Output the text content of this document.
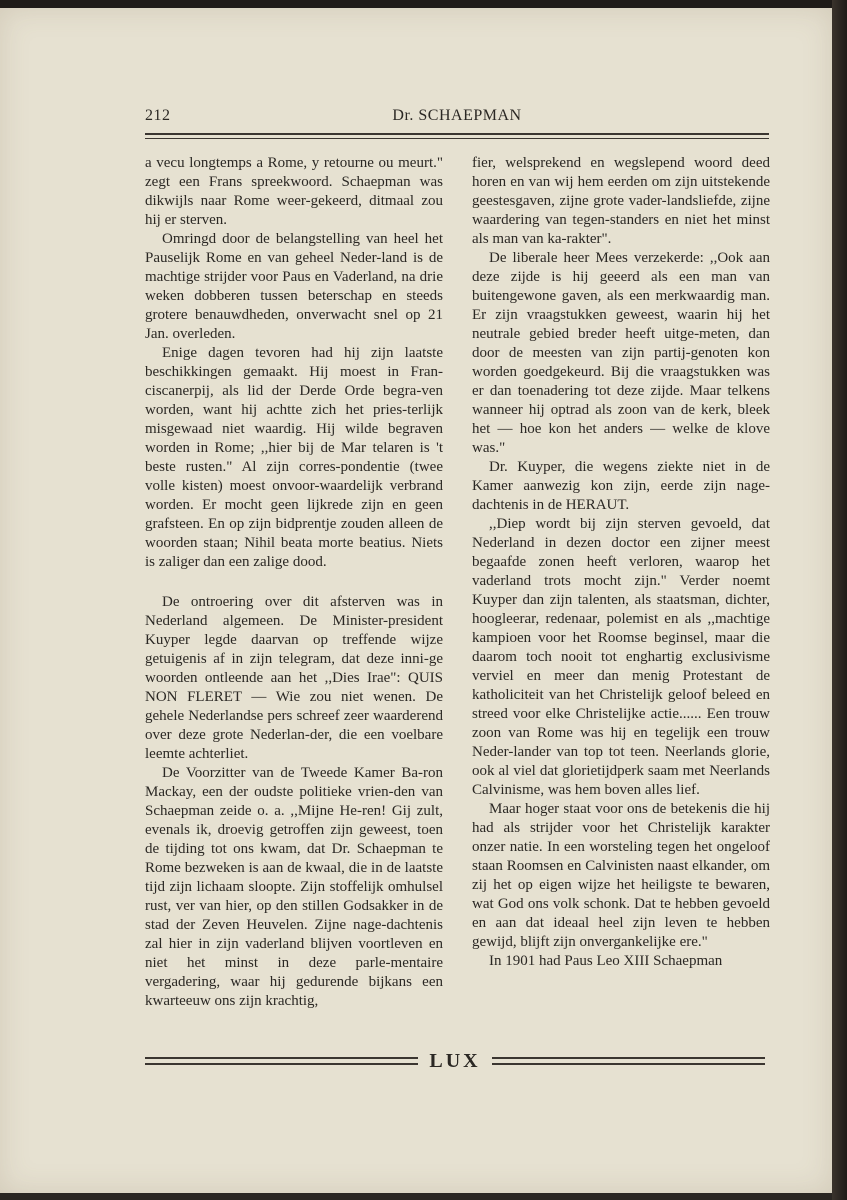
212	Dr. SCHAEPMAN

a vecu longtemps a Rome, y retourne ou meurt." zegt een Frans spreekwoord. Schaepman was dikwijls naar Rome weer-gekeerd, ditmaal zou hij er sterven.

Omringd door de belangstelling van heel het Pauselijk Rome en van geheel Neder-land is de machtige strijder voor Paus en Vaderland, na drie weken dobberen tussen beterschap en steeds grotere benauwdheden, onverwacht snel op 21 Jan. overleden.

Enige dagen tevoren had hij zijn laatste beschikkingen gemaakt. Hij moest in Fran-ciscanerpij, als lid der Derde Orde begra-ven worden, want hij achtte zich het pries-terlijk misgewaad niet waardig. Hij wilde begraven worden in Rome; ,,hier bij de Mar telaren is 't beste rusten." Al zijn corres-pondentie (twee volle kisten) moest onvoor-waardelijk verbrand worden. Er mocht geen lijkrede zijn en geen grafsteen. En op zijn bidprentje zouden alleen de woorden staan; Nihil beata morte beatius. Niets is zaliger dan een zalige dood.

De ontroering over dit afsterven was in Nederland algemeen. De Minister-president Kuyper legde daarvan op treffende wijze getuigenis af in zijn telegram, dat deze inni-ge woorden ontleende aan het ,,Dies Irae": QUIS NON FLERET — Wie zou niet wenen. De gehele Nederlandse pers schreef zeer waarderend over deze grote Nederlan-der, die een voelbare leemte achterliet.

De Voorzitter van de Tweede Kamer Ba-ron Mackay, een der oudste politieke vrien-den van Schaepman zeide o. a. ,,Mijne He-ren! Gij zult, evenals ik, droevig getroffen zijn geweest, toen de tijding tot ons kwam, dat Dr. Schaepman te Rome bezweken is aan de kwaal, die in de laatste tijd zijn lichaam sloopte. Zijn stoffelijk omhulsel rust, ver van hier, op den stillen Godsakker in de stad der Zeven Heuvelen. Zijne nage-dachtenis zal hier in zijn vaderland blijven voortleven en niet het minst in deze parle-mentaire vergadering, waar hij gedurende bijkans een kwarteeuw ons zijn krachtig,

fier, welsprekend en wegslepend woord deed horen en van wij hem eerden om zijn uitstekende geestesgaven, zijne grote vader-landsliefde, zijne waardering van tegen-standers en niet het minst als man van ka-rakter".

De liberale heer Mees verzekerde: ,,Ook aan deze zijde is hij geeerd als een man van buitengewone gaven, als een merkwaardig man. Er zijn vraagstukken geweest, waarin hij het neutrale gebied breder heeft uitge-meten, dan door de meesten van zijn partij-genoten kon worden goedgekeurd. Bij die vraagstukken was er dan toenadering tot deze zijde. Maar telkens wanneer hij optrad als zoon van de kerk, bleek het — hoe kon het anders — welke de klove was."

Dr. Kuyper, die wegens ziekte niet in de Kamer aanwezig kon zijn, eerde zijn nage-dachtenis in de HERAUT.

,,Diep wordt bij zijn sterven gevoeld, dat Nederland in dezen doctor een zijner meest begaafde zonen heeft verloren, waarop het vaderland trots mocht zijn." Verder noemt Kuyper dan zijn talenten, als staatsman, dichter, hoogleerar, redenaar, polemist en als ,,machtige kampioen voor het Roomse beginsel, maar die daarom toch nooit tot enghartig exclusivisme verviel en meer dan menig Protestant de katholiciteit van het Christelijk geloof beleed en streed voor elke Christelijke actie...... Een trouw zoon van Rome was hij en tegelijk een trouw Neder-lander van top tot teen. Neerlands glorie, ook al viel dat glorietijdperk saam met Neerlands Calvinisme, was hem boven alles lief.

Maar hoger staat voor ons de betekenis die hij had als strijder voor het Christelijk karakter onzer natie. In een worsteling tegen het ongeloof staan Roomsen en Calvinisten naast elkander, om zij het op eigen wijze het heiligste te bewaren, wat God ons volk schonk. Dat te hebben gevoeld en aan dat ideaal heel zijn leven te hebben gewijd, blijft zijn onvergankelijke ere."

In 1901 had Paus Leo XIII Schaepman

LUX
